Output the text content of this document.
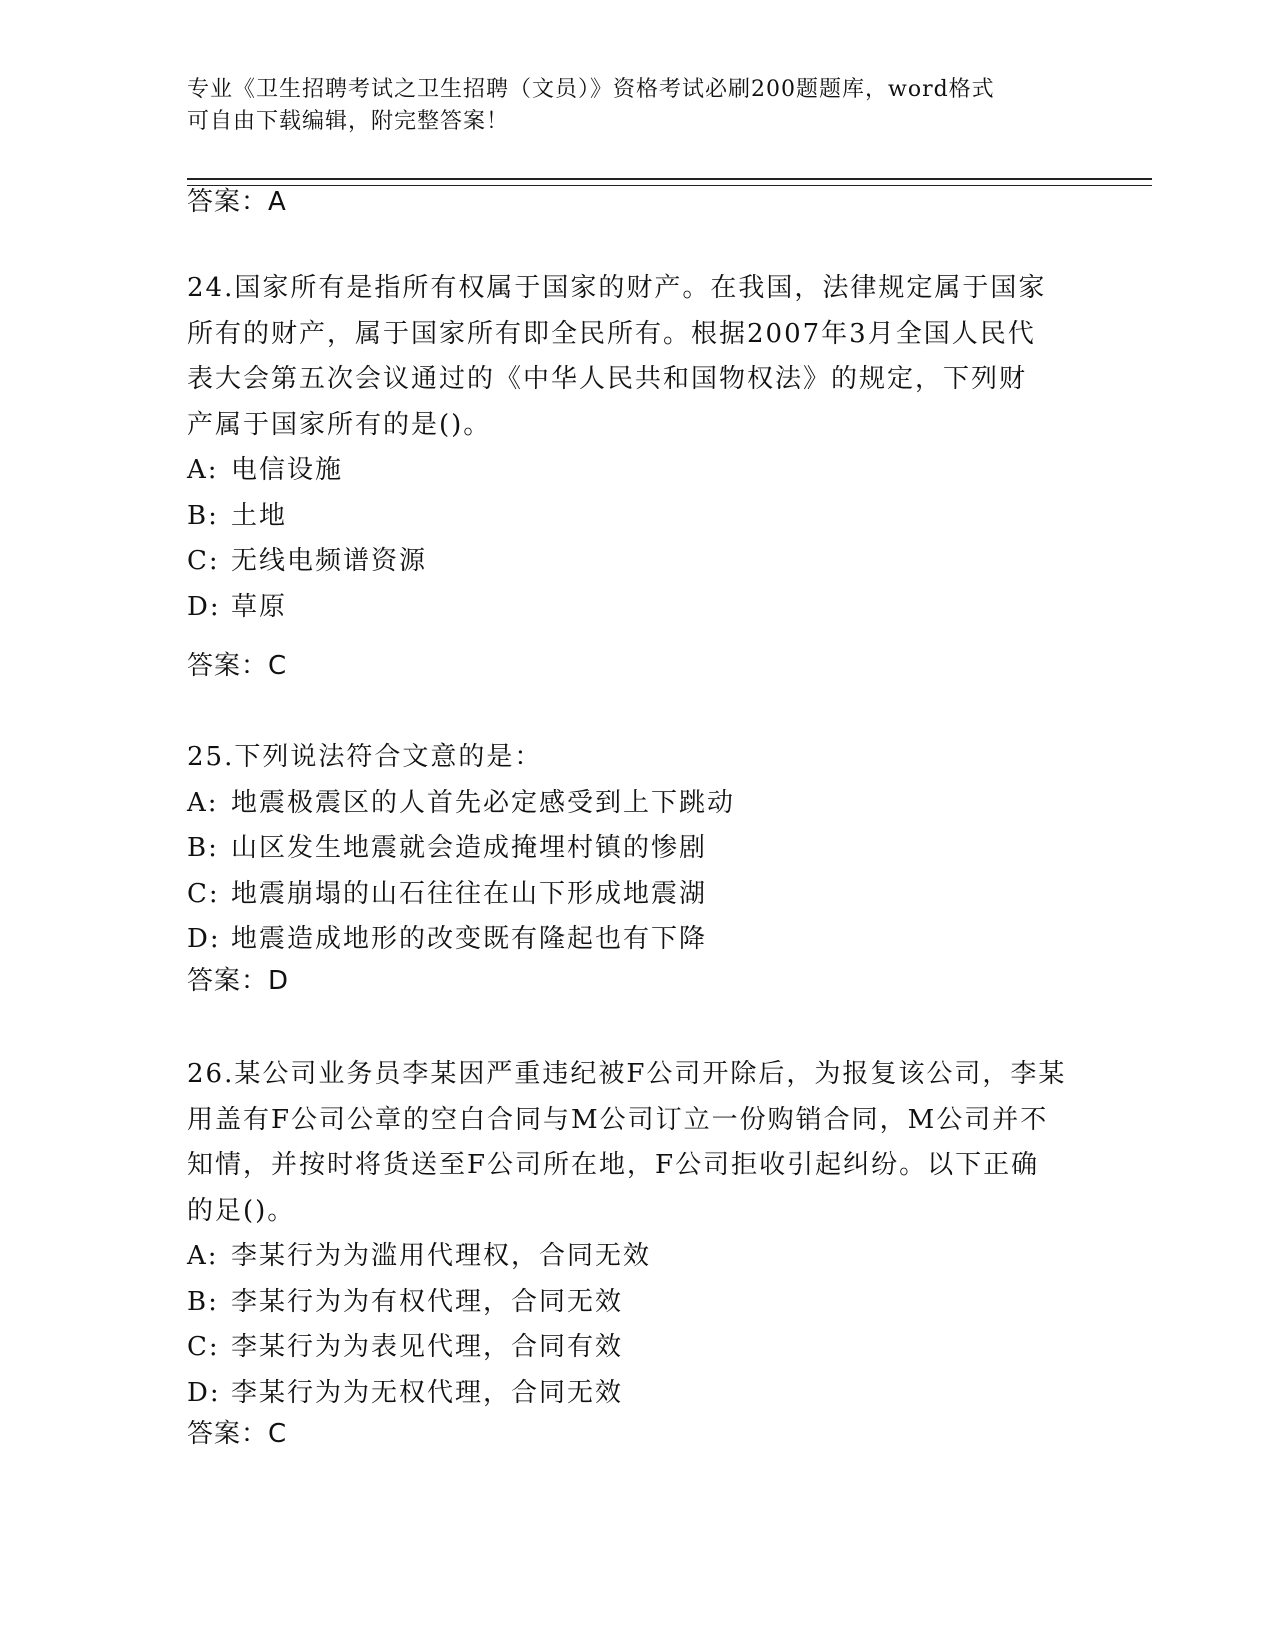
专业《卫生招聘考试之卫生招聘（文员）》资格考试必刷200题题库，word格式
可自由下载编辑，附完整答案！
答案：A
24.国家所有是指所有权属于国家的财产。在我国，法律规定属于国家所有的财产，属于国家所有即全民所有。根据2007年3月全国人民代表大会第五次会议通过的《中华人民共和国物权法》的规定，下列财产属于国家所有的是()。
A: 电信设施
B: 土地
C: 无线电频谱资源
D: 草原
答案：C
25.下列说法符合文意的是：
A: 地震极震区的人首先必定感受到上下跳动
B: 山区发生地震就会造成掩埋村镇的惨剧
C: 地震崩塌的山石往往在山下形成地震湖
D: 地震造成地形的改变既有隆起也有下降
答案：D
26.某公司业务员李某因严重违纪被F公司开除后，为报复该公司，李某用盖有F公司公章的空白合同与M公司订立一份购销合同，M公司并不知情，并按时将货送至F公司所在地，F公司拒收引起纠纷。以下正确的足()。
A: 李某行为为滥用代理权，合同无效
B: 李某行为为有权代理，合同无效
C: 李某行为为表见代理，合同有效
D: 李某行为为无权代理，合同无效
答案：C
